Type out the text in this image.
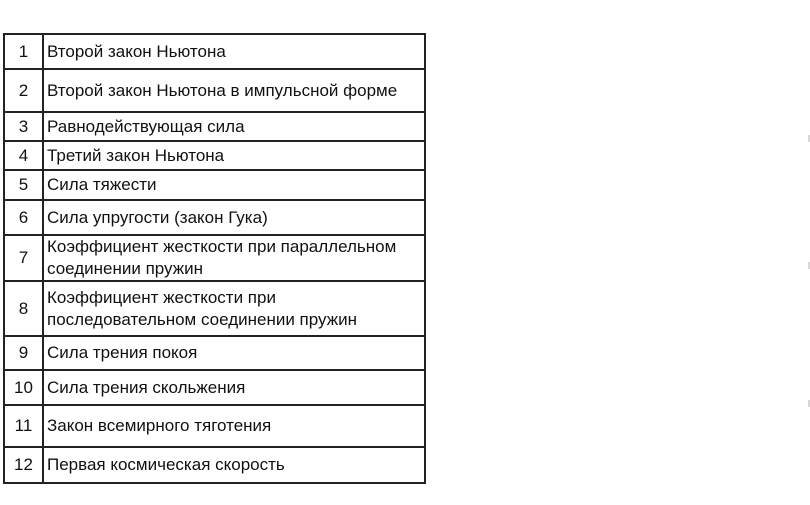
1	Второй закон Ньютона
2	Второй закон Ньютона в импульсной форме
3	Равнодействующая сила
4	Третий закон Ньютона
5	Сила тяжести
6	Сила упругости (закон Гука)
7	Коэффициент жесткости при параллельном соединении пружин
8	Коэффициент жесткости при последовательном соединении пружин
9	Сила трения покоя
10	Сила трения скольжения
11	Закон всемирного тяготения
12	Первая космическая скорость
